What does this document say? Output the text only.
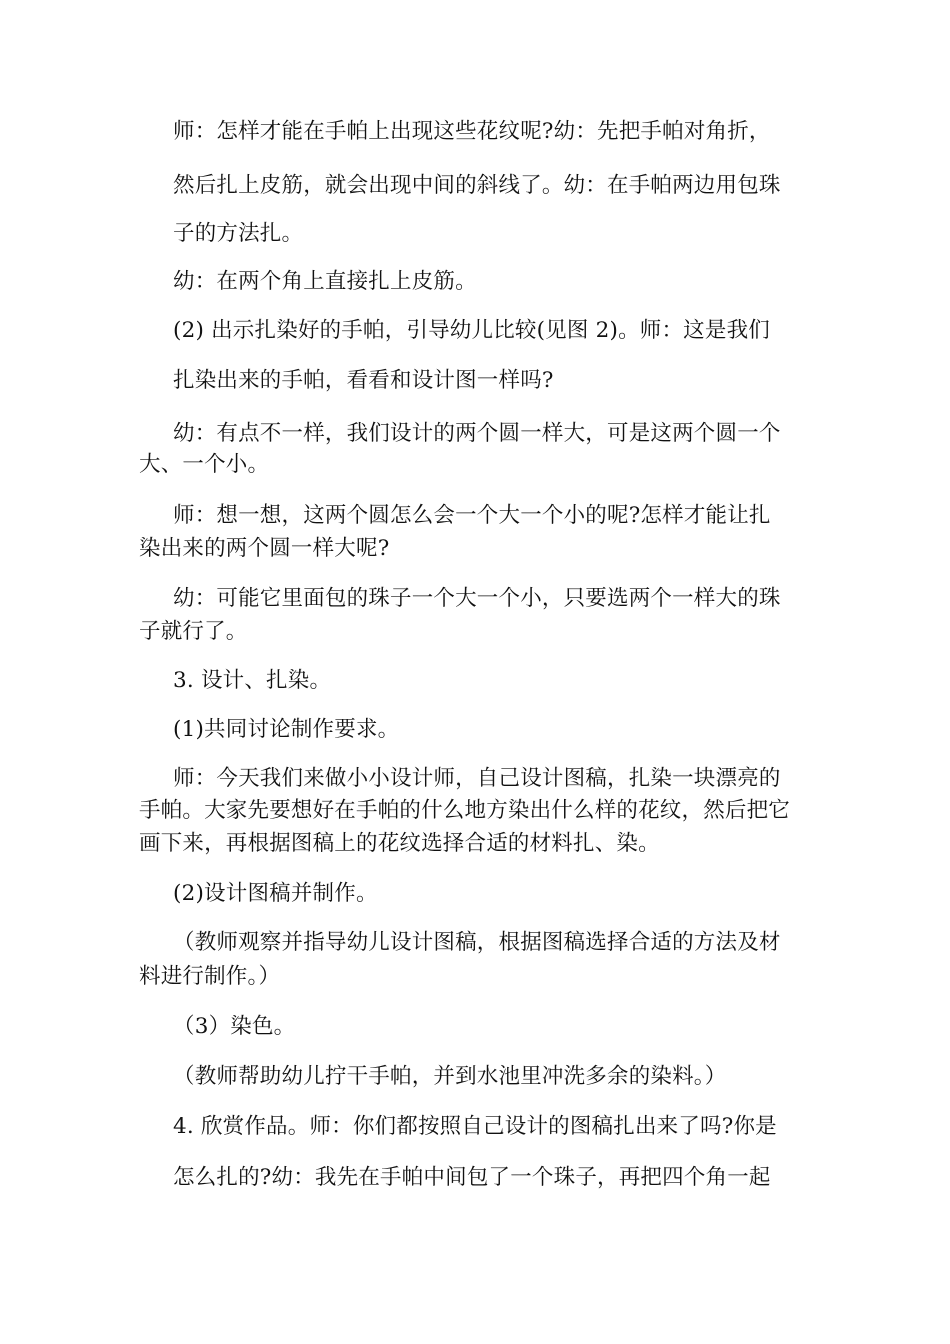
师：怎样才能在手帕上出现这些花纹呢?幼：先把手帕对角折，
然后扎上皮筋，就会出现中间的斜线了。幼：在手帕两边用包珠
子的方法扎。
幼：在两个角上直接扎上皮筋。
(2) 出示扎染好的手帕，引导幼儿比较(见图 2)。师：这是我们
扎染出来的手帕，看看和设计图一样吗?
幼：有点不一样，我们设计的两个圆一样大，可是这两个圆一个
大、一个小。
师：想一想，这两个圆怎么会一个大一个小的呢?怎样才能让扎
染出来的两个圆一样大呢?
幼：可能它里面包的珠子一个大一个小，只要选两个一样大的珠
子就行了。
3. 设计、扎染。
(1)共同讨论制作要求。
师：今天我们来做小小设计师，自己设计图稿，扎染一块漂亮的
手帕。大家先要想好在手帕的什么地方染出什么样的花纹，然后把它
画下来，再根据图稿上的花纹选择合适的材料扎、染。
(2)设计图稿并制作。
（教师观察并指导幼儿设计图稿，根据图稿选择合适的方法及材
料进行制作。）
（3）染色。
（教师帮助幼儿拧干手帕，并到水池里冲洗多余的染料。）
4. 欣赏作品。师：你们都按照自己设计的图稿扎出来了吗?你是
怎么扎的?幼：我先在手帕中间包了一个珠子，再把四个角一起
